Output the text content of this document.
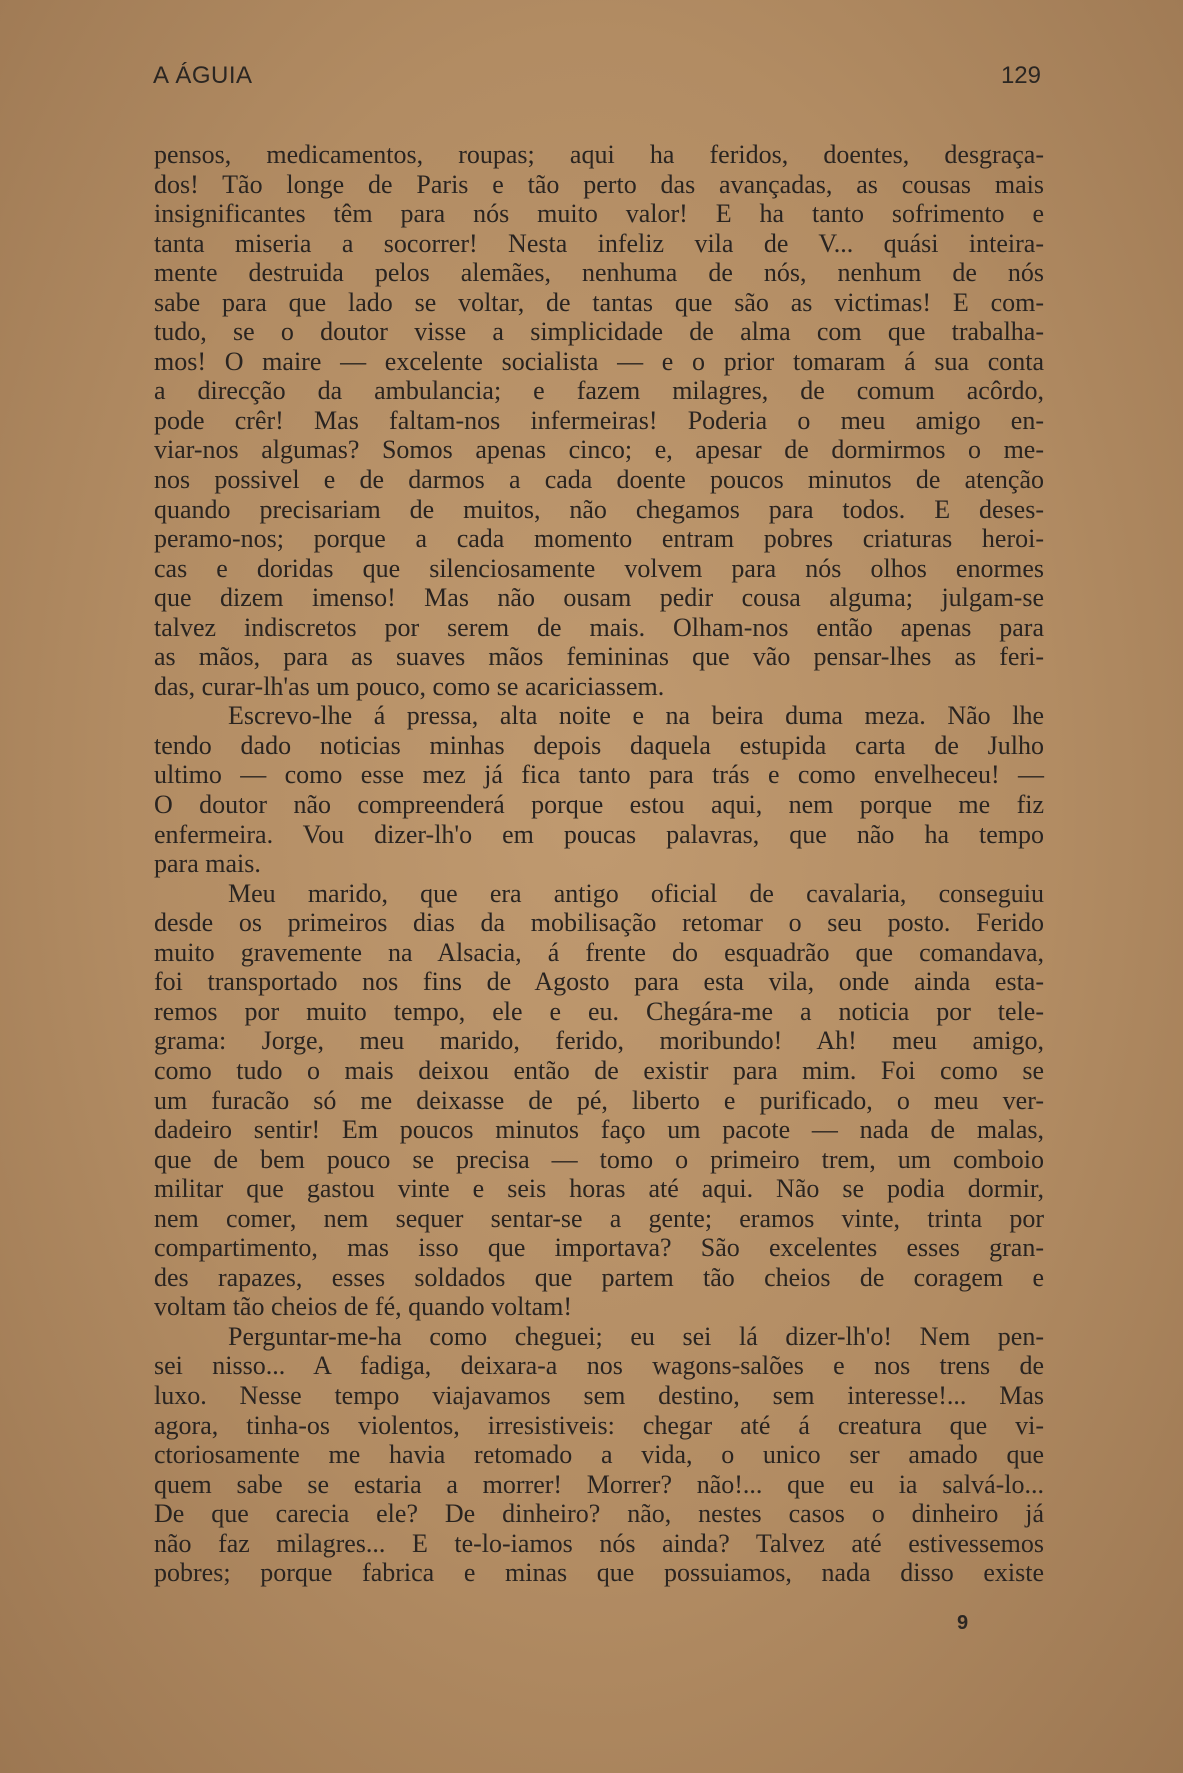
A ÁGUIA	129
pensos, medicamentos, roupas; aqui ha feridos, doentes, desgraça-
dos! Tão longe de Paris e tão perto das avançadas, as cousas mais
insignificantes têm para nós muito valor! E ha tanto sofrimento e
tanta miseria a socorrer! Nesta infeliz vila de V... quási inteira-
mente destruida pelos alemães, nenhuma de nós, nenhum de nós
sabe para que lado se voltar, de tantas que são as victimas! E com-
tudo, se o doutor visse a simplicidade de alma com que trabalha-
mos! O maire — excelente socialista — e o prior tomaram á sua conta
a direcção da ambulancia; e fazem milagres, de comum acôrdo,
pode crêr! Mas faltam-nos infermeiras! Poderia o meu amigo en-
viar-nos algumas? Somos apenas cinco; e, apesar de dormirmos o me-
nos possivel e de darmos a cada doente poucos minutos de atenção
quando precisariam de muitos, não chegamos para todos. E deses-
peramo-nos; porque a cada momento entram pobres criaturas heroi-
cas e doridas que silenciosamente volvem para nós olhos enormes
que dizem imenso! Mas não ousam pedir cousa alguma; julgam-se
talvez indiscretos por serem de mais. Olham-nos então apenas para
as mãos, para as suaves mãos femininas que vão pensar-lhes as feri-
das, curar-lh'as um pouco, como se acariciassem.
Escrevo-lhe á pressa, alta noite e na beira duma meza. Não lhe
tendo dado noticias minhas depois daquela estupida carta de Julho
ultimo — como esse mez já fica tanto para trás e como envelheceu! —
O doutor não compreenderá porque estou aqui, nem porque me fiz
enfermeira. Vou dizer-lh'o em poucas palavras, que não ha tempo
para mais.
Meu marido, que era antigo oficial de cavalaria, conseguiu
desde os primeiros dias da mobilisação retomar o seu posto. Ferido
muito gravemente na Alsacia, á frente do esquadrão que comandava,
foi transportado nos fins de Agosto para esta vila, onde ainda esta-
remos por muito tempo, ele e eu. Chegára-me a noticia por tele-
grama: Jorge, meu marido, ferido, moribundo! Ah! meu amigo,
como tudo o mais deixou então de existir para mim. Foi como se
um furacão só me deixasse de pé, liberto e purificado, o meu ver-
dadeiro sentir! Em poucos minutos faço um pacote — nada de malas,
que de bem pouco se precisa — tomo o primeiro trem, um comboio
militar que gastou vinte e seis horas até aqui. Não se podia dormir,
nem comer, nem sequer sentar-se a gente; eramos vinte, trinta por
compartimento, mas isso que importava? São excelentes esses gran-
des rapazes, esses soldados que partem tão cheios de coragem e
voltam tão cheios de fé, quando voltam!
Perguntar-me-ha como cheguei; eu sei lá dizer-lh'o! Nem pen-
sei nisso... A fadiga, deixara-a nos wagons-salões e nos trens de
luxo. Nesse tempo viajavamos sem destino, sem interesse!... Mas
agora, tinha-os violentos, irresistiveis: chegar até á creatura que vi-
ctoriosamente me havia retomado a vida, o unico ser amado que
quem sabe se estaria a morrer! Morrer? não!... que eu ia salvá-lo...
De que carecia ele? De dinheiro? não, nestes casos o dinheiro já
não faz milagres... E te-lo-iamos nós ainda? Talvez até estivessemos
pobres; porque fabrica e minas que possuiamos, nada disso existe
9
